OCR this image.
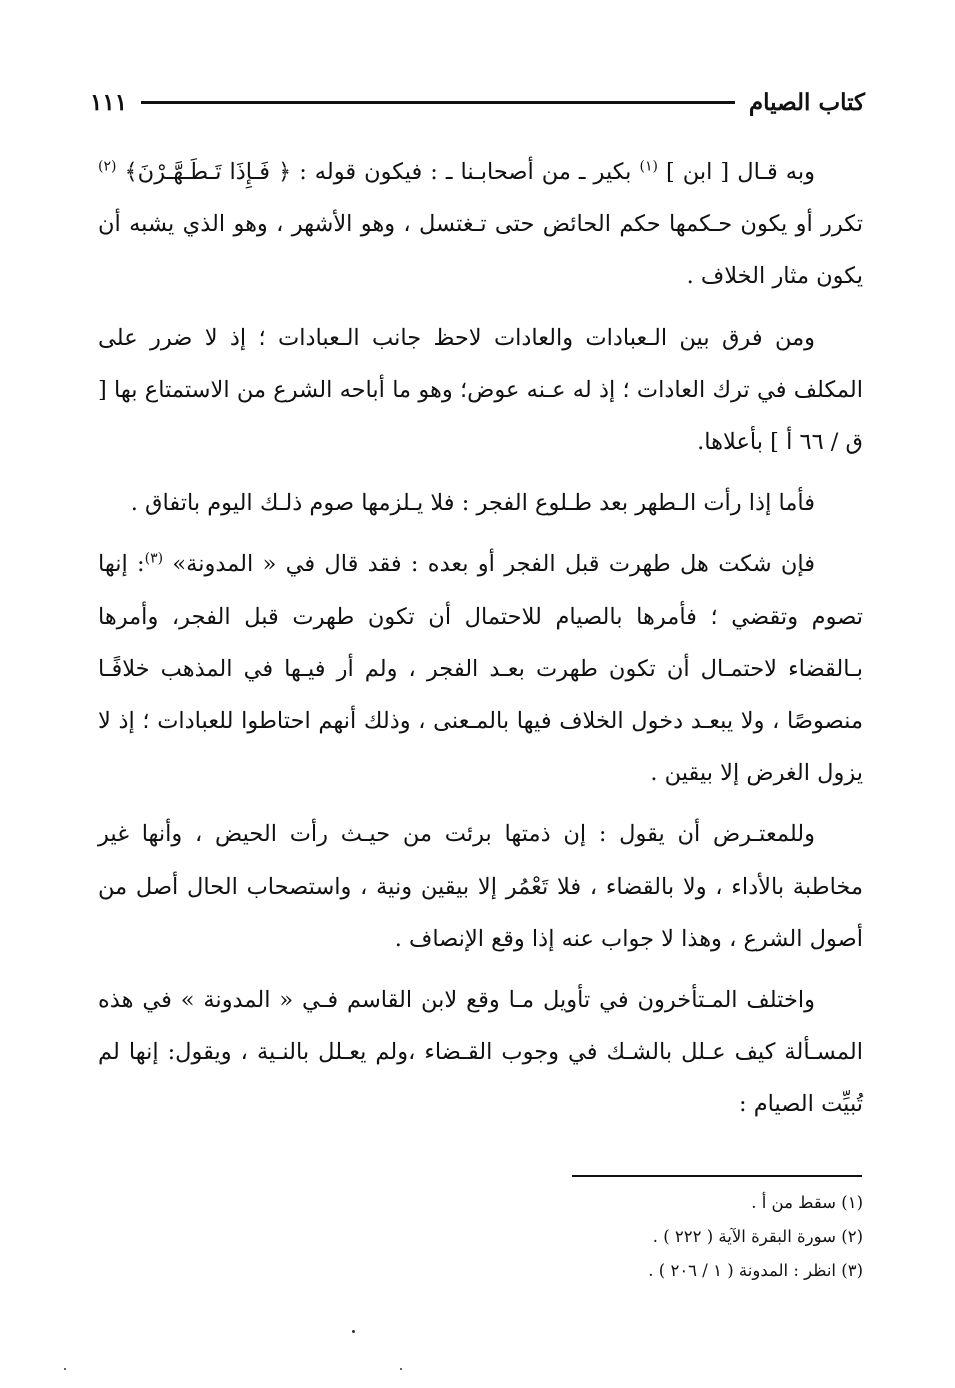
كتاب الصيام
١١١

وبه قـال [ ابن ] $^{(١)}$ بكير ـ من أصحابـنا ـ : فيكون قوله : ﴿ فَـإِذَا تَـطَـهَّـرْنَ﴾ $^{(٢)}$ تكرر أو يكون حـكمها حكم الحائض حتى تـغتسل ، وهو الأشهر ، وهو الذي يشبه أن يكون مثار الخلاف .

ومن فرق بين الـعبادات والعادات لاحظ جانب الـعبادات ؛ إذ لا ضرر على المكلف في ترك العادات ؛ إذ له عـنه عوض؛ وهو ما أباحه الشرع من الاستمتاع بها [ ق / ٦٦ أ ] بأعلاها.

فأما إذا رأت الـطهر بعد طـلوع الفجر : فلا يـلزمها صوم ذلـك اليوم باتفاق .

فإن شكت هل طهرت قبل الفجر أو بعده : فقد قال في « المدونة» $^{(٣)}$: إنها تصوم وتقضي ؛ فأمرها بالصيام للاحتمال أن تكون طهرت قبل الفجر، وأمرها بـالقضاء لاحتمـال أن تكون طهرت بعـد الفجر ، ولم أر فيـها في المذهب خلافًـا منصوصًا ، ولا يبعـد دخول الخلاف فيها بالمـعنى ، وذلك أنهم احتاطوا للعبادات ؛ إذ لا يزول الغرض إلا بيقين .

وللمعتـرض أن يقول : إن ذمتها برئت من حيـث رأت الحيض ، وأنها غير مخاطبة بالأداء ، ولا بالقضاء ، فلا تَعْمُر إلا بيقين ونية ، واستصحاب الحال أصل من أصول الشرع ، وهذا لا جواب عنه إذا وقع الإنصاف .

واختلف المـتأخرون في تأويل مـا وقع لابن القاسم فـي « المدونة » في هذه المسـألة كيف عـلل بالشـك في وجوب القـضاء ،ولم يعـلل بالنـية ، ويقول: إنها لم تُبيِّت الصيام :

(١) سقط من أ .
(٢) سورة البقرة الآية ( ٢٢٢ ) .
(٣) انظر : المدونة ( ١ / ٢٠٦ ) .
